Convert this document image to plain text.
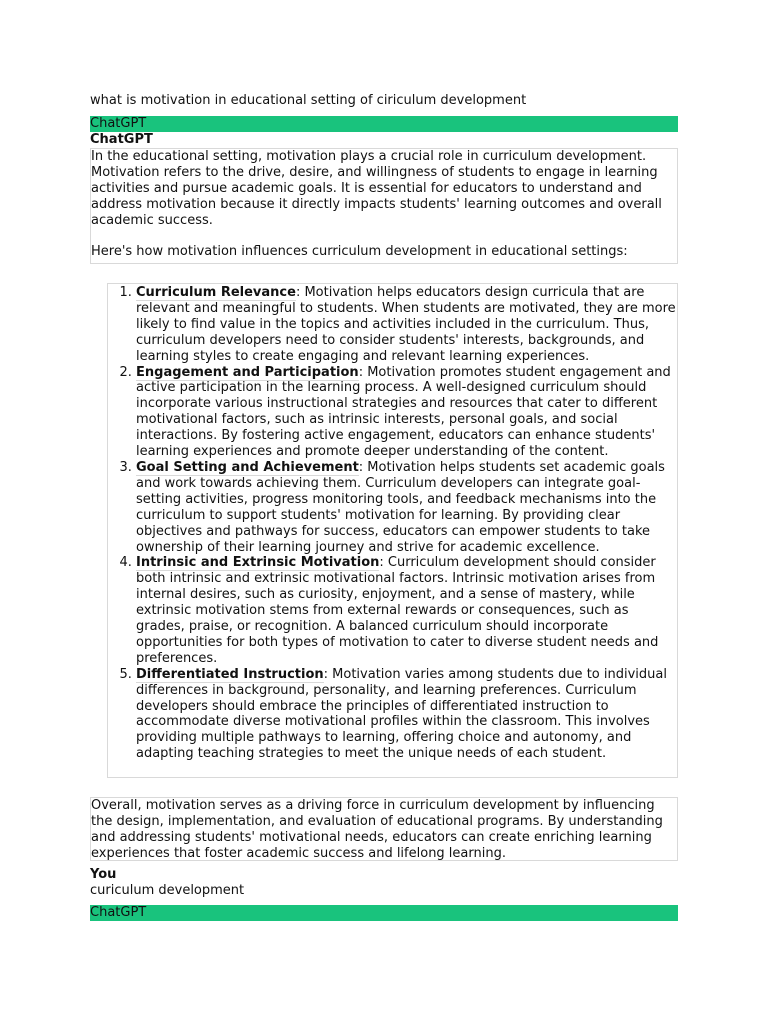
what is motivation in educational setting of ciriculum development

ChatGPT
ChatGPT

In the educational setting, motivation plays a crucial role in curriculum development. Motivation refers to the drive, desire, and willingness of students to engage in learning activities and pursue academic goals. It is essential for educators to understand and address motivation because it directly impacts students' learning outcomes and overall academic success.

Here's how motivation influences curriculum development in educational settings:

1. Curriculum Relevance: Motivation helps educators design curricula that are relevant and meaningful to students. When students are motivated, they are more likely to find value in the topics and activities included in the curriculum. Thus, curriculum developers need to consider students' interests, backgrounds, and learning styles to create engaging and relevant learning experiences.
2. Engagement and Participation: Motivation promotes student engagement and active participation in the learning process. A well-designed curriculum should incorporate various instructional strategies and resources that cater to different motivational factors, such as intrinsic interests, personal goals, and social interactions. By fostering active engagement, educators can enhance students' learning experiences and promote deeper understanding of the content.
3. Goal Setting and Achievement: Motivation helps students set academic goals and work towards achieving them. Curriculum developers can integrate goal-setting activities, progress monitoring tools, and feedback mechanisms into the curriculum to support students' motivation for learning. By providing clear objectives and pathways for success, educators can empower students to take ownership of their learning journey and strive for academic excellence.
4. Intrinsic and Extrinsic Motivation: Curriculum development should consider both intrinsic and extrinsic motivational factors. Intrinsic motivation arises from internal desires, such as curiosity, enjoyment, and a sense of mastery, while extrinsic motivation stems from external rewards or consequences, such as grades, praise, or recognition. A balanced curriculum should incorporate opportunities for both types of motivation to cater to diverse student needs and preferences.
5. Differentiated Instruction: Motivation varies among students due to individual differences in background, personality, and learning preferences. Curriculum developers should embrace the principles of differentiated instruction to accommodate diverse motivational profiles within the classroom. This involves providing multiple pathways to learning, offering choice and autonomy, and adapting teaching strategies to meet the unique needs of each student.

Overall, motivation serves as a driving force in curriculum development by influencing the design, implementation, and evaluation of educational programs. By understanding and addressing students' motivational needs, educators can create enriching learning experiences that foster academic success and lifelong learning.

You

curiculum development

ChatGPT
